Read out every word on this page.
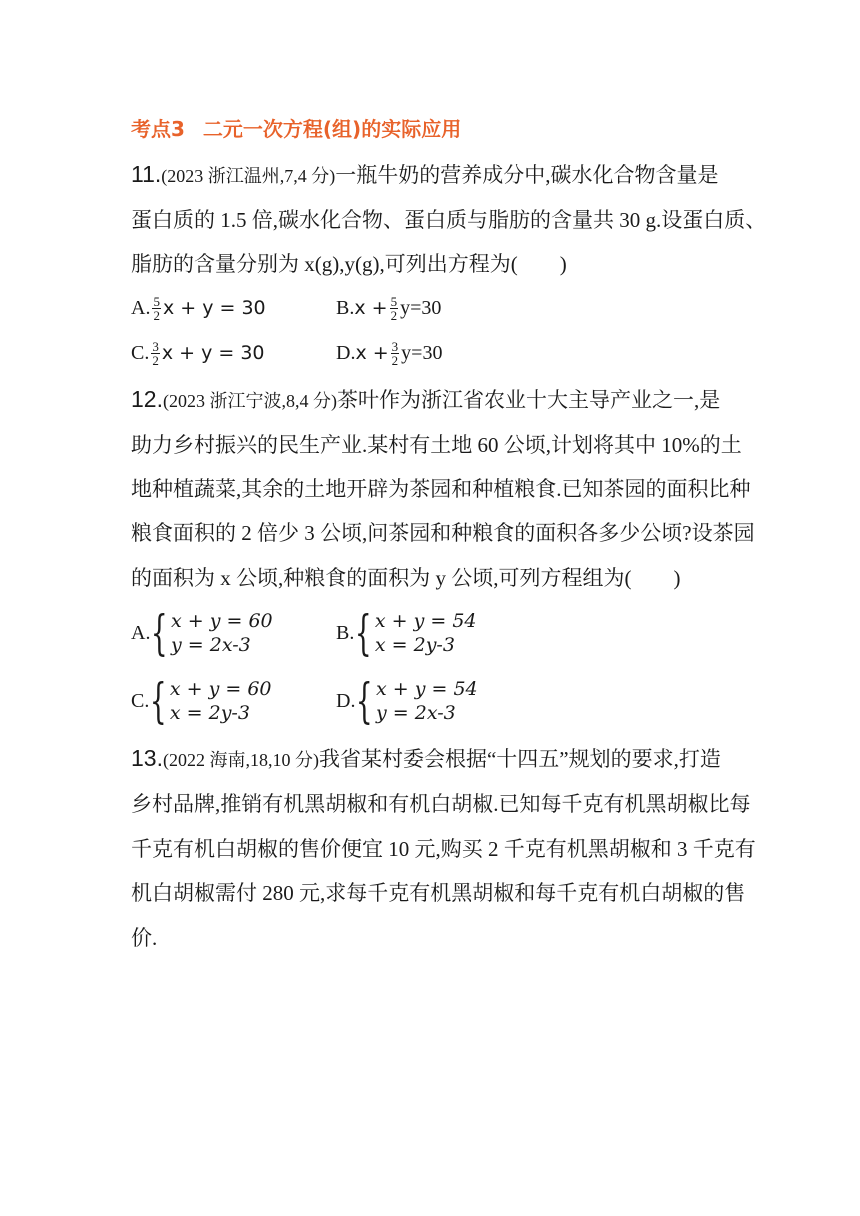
考点3 二元一次方程(组)的实际应用
11.(2023 浙江温州,7,4 分)一瓶牛奶的营养成分中,碳水化合物含量是
蛋白质的 1.5 倍,碳水化合物、蛋白质与脂肪的含量共 30 g.设蛋白质、
脂肪的含量分别为 x(g),y(g),可列出方程为(　　)
A. $\frac{5}{2}$ x + y = 30	B. $x + \frac{5}{2} y=30$
C. $\frac{3}{2}$ x + y = 30	D. $x + \frac{3}{2} y=30$
12.(2023 浙江宁波,8,4 分)茶叶作为浙江省农业十大主导产业之一,是
助力乡村振兴的民生产业.某村有土地 60 公顷,计划将其中 10%的土
地种植蔬菜,其余的土地开辟为茶园和种植粮食.已知茶园的面积比种
粮食面积的 2 倍少 3 公顷,问茶园和种粮食的面积各多少公顷?设茶园
的面积为 x 公顷,种粮食的面积为 y 公顷,可列方程组为(　　)
A. { x + y = 60
y = 2x-3
B. { x + y = 54
x = 2y-3
C. { x + y = 60
x = 2y-3
D. { x + y = 54
y = 2x-3
13.(2022 海南,18,10 分)我省某村委会根据“十四五”规划的要求,打造
乡村品牌,推销有机黑胡椒和有机白胡椒.已知每千克有机黑胡椒比每
千克有机白胡椒的售价便宜 10 元,购买 2 千克有机黑胡椒和 3 千克有
机白胡椒需付 280 元,求每千克有机黑胡椒和每千克有机白胡椒的售
价.
